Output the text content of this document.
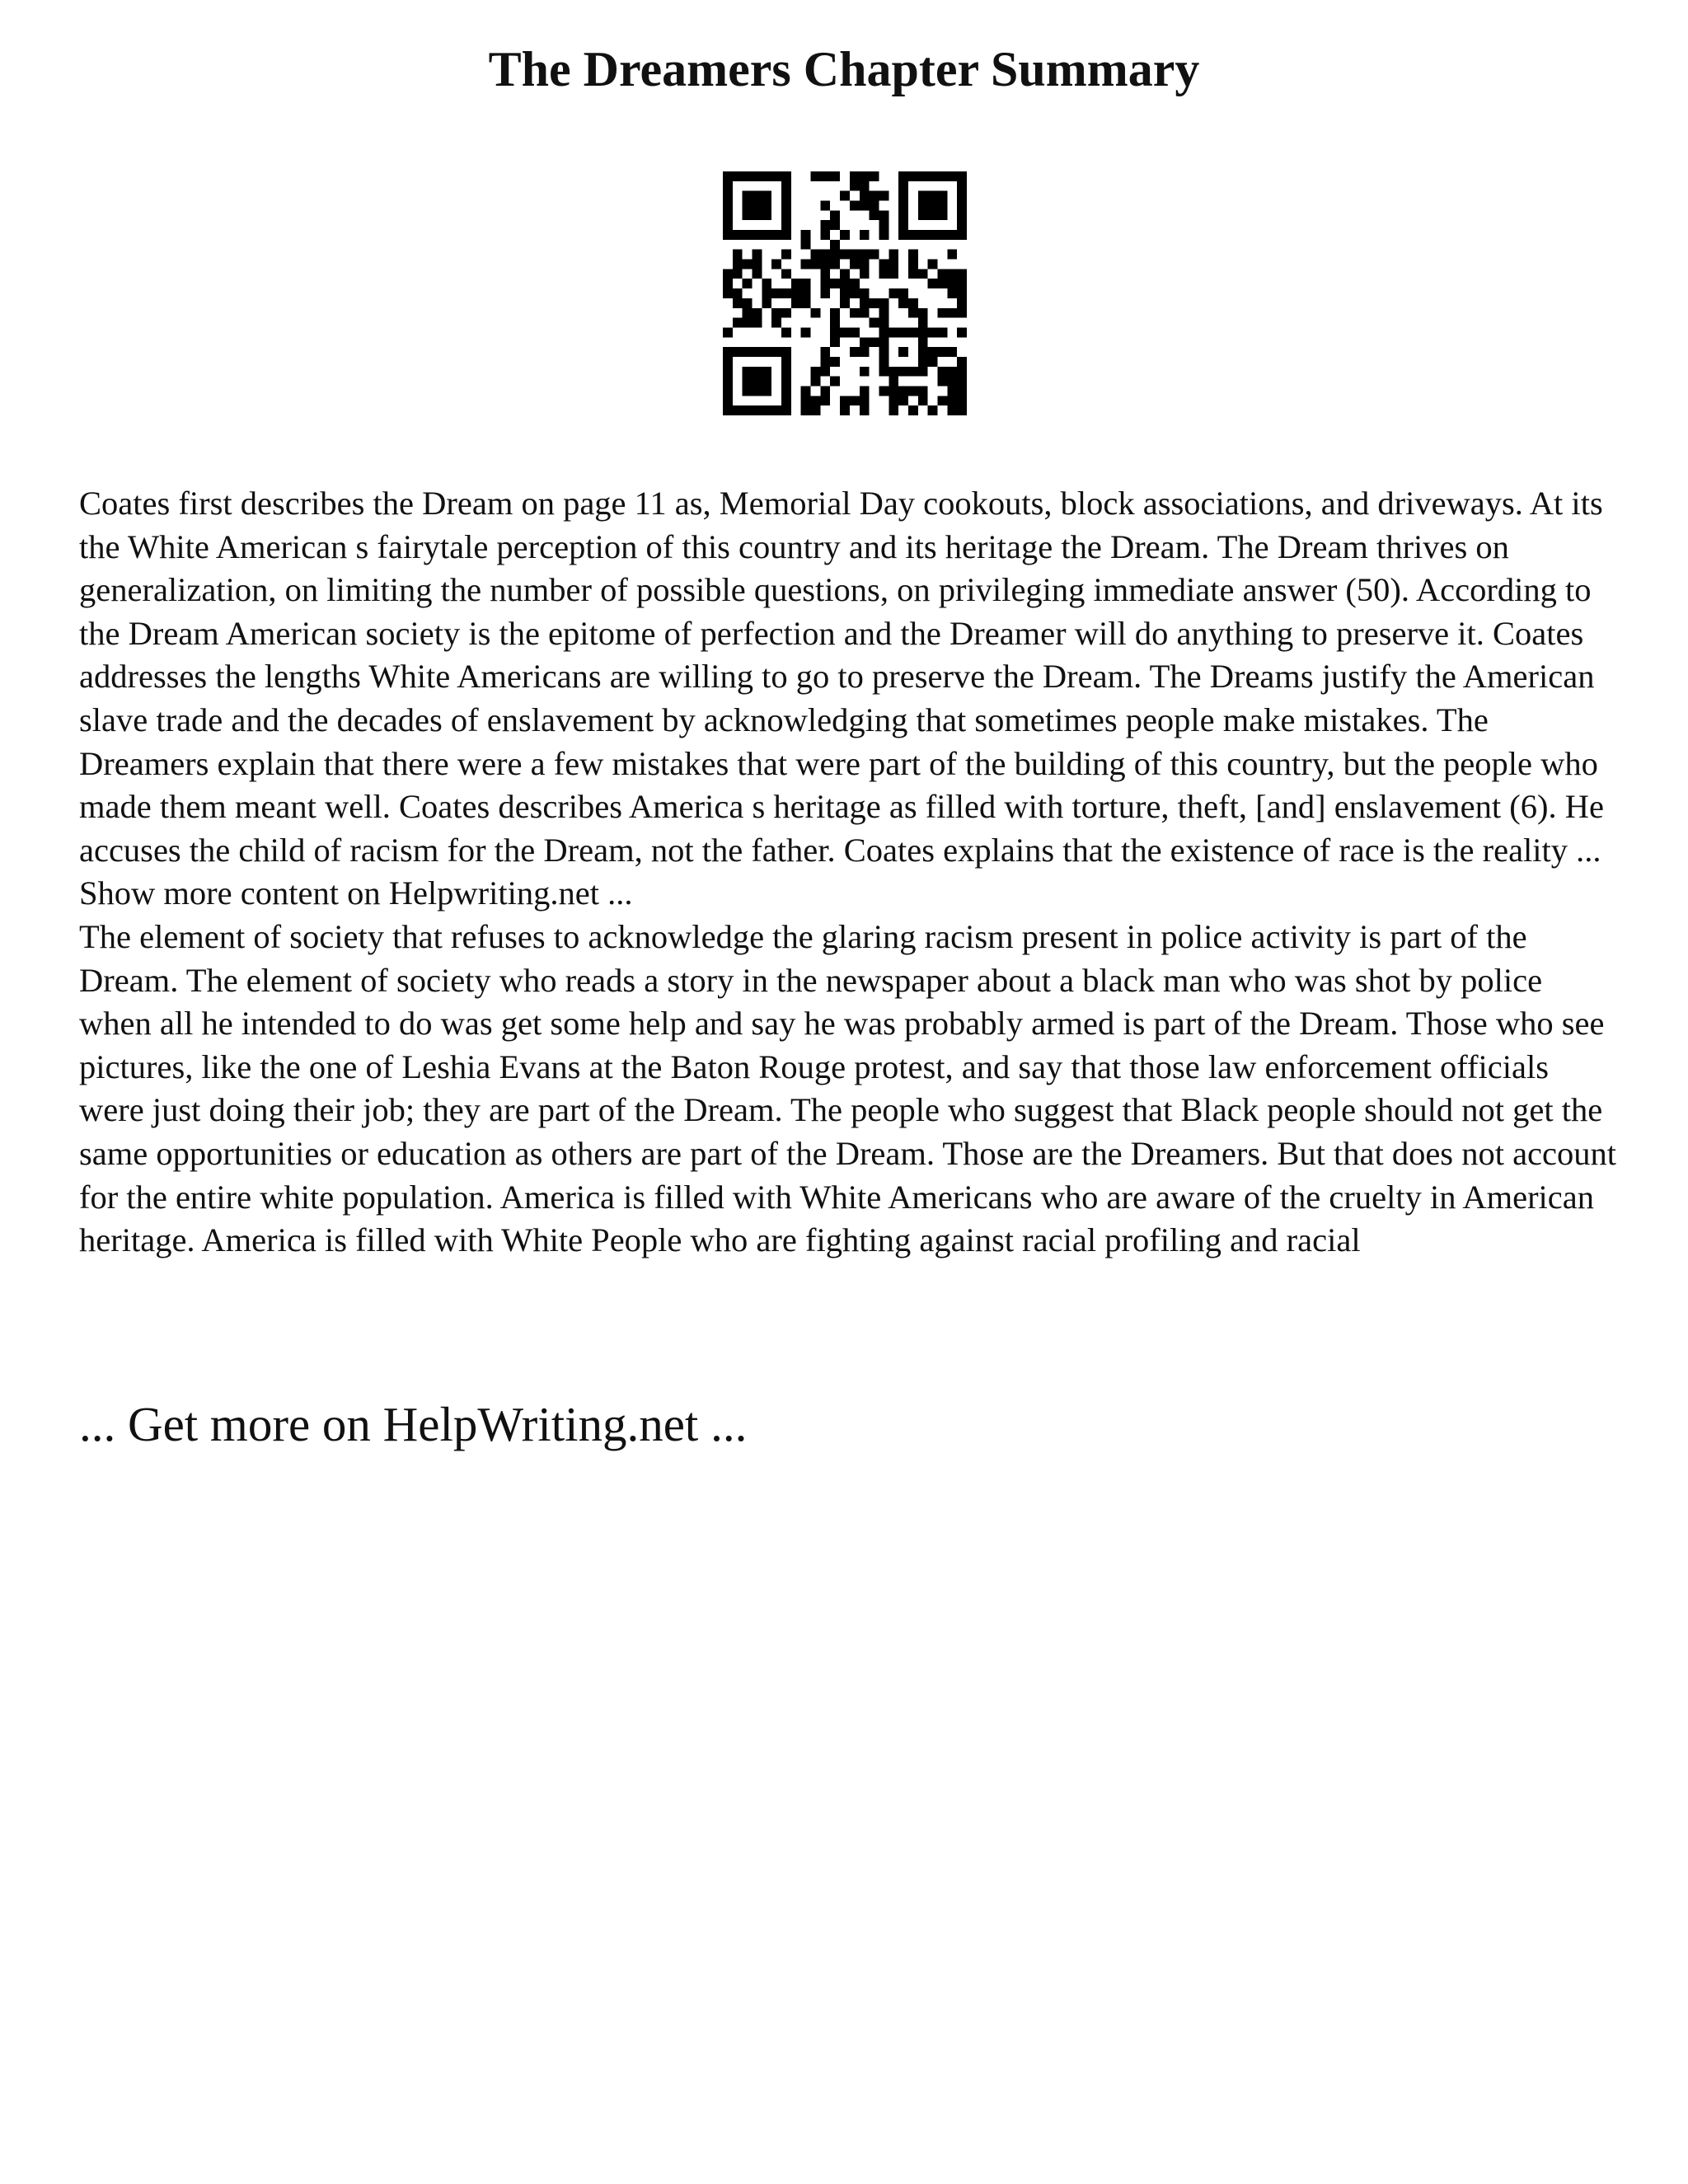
The Dreamers Chapter Summary

Coates first describes the Dream on page 11 as, Memorial Day cookouts, block associations, and driveways. At its the White American s fairytale perception of this country and its heritage the Dream. The Dream thrives on generalization, on limiting the number of possible questions, on privileging immediate answer (50). According to the Dream American society is the epitome of perfection and the Dreamer will do anything to preserve it. Coates addresses the lengths White Americans are willing to go to preserve the Dream. The Dreams justify the American slave trade and the decades of enslavement by acknowledging that sometimes people make mistakes. The Dreamers explain that there were a few mistakes that were part of the building of this country, but the people who made them meant well. Coates describes America s heritage as filled with torture, theft, [and] enslavement (6). He accuses the child of racism for the Dream, not the father. Coates explains that the existence of race is the reality ... Show more content on Helpwriting.net ...

The element of society that refuses to acknowledge the glaring racism present in police activity is part of the Dream. The element of society who reads a story in the newspaper about a black man who was shot by police when all he intended to do was get some help and say he was probably armed is part of the Dream. Those who see pictures, like the one of Leshia Evans at the Baton Rouge protest, and say that those law enforcement officials were just doing their job; they are part of the Dream. The people who suggest that Black people should not get the same opportunities or education as others are part of the Dream. Those are the Dreamers. But that does not account for the entire white population. America is filled with White Americans who are aware of the cruelty in American heritage. America is filled with White People who are fighting against racial profiling and racial

... Get more on HelpWriting.net ...
